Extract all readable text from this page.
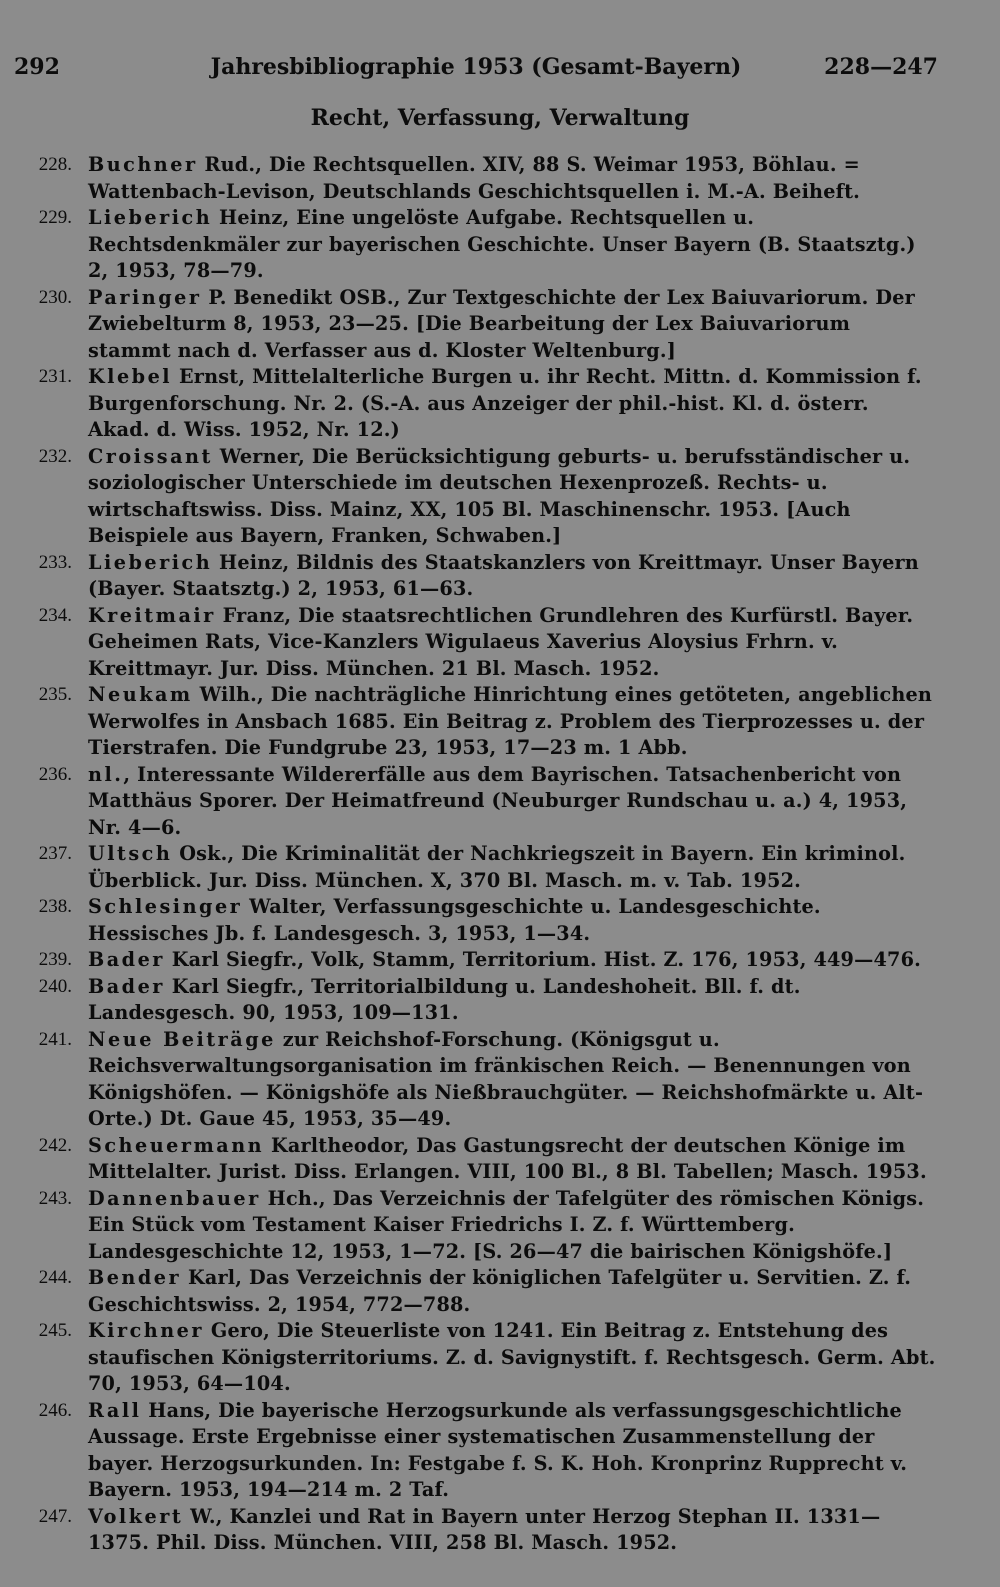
292	Jahresbibliographie 1953 (Gesamt-Bayern)	228—247
Recht, Verfassung, Verwaltung

228. Buchner Rud., Die Rechtsquellen. XIV, 88 S. Weimar 1953, Böhlau. = Wattenbach-Levison, Deutschlands Geschichtsquellen i. M.-A. Beiheft.

229. Lieberich Heinz, Eine ungelöste Aufgabe. Rechtsquellen u. Rechtsdenkmäler zur bayerischen Geschichte. Unser Bayern (B. Staatsztg.) 2, 1953, 78—79.

230. Paringer P. Benedikt OSB., Zur Textgeschichte der Lex Baiuvariorum. Der Zwiebelturm 8, 1953, 23—25. [Die Bearbeitung der Lex Baiuvariorum stammt nach d. Verfasser aus d. Kloster Weltenburg.]

231. Klebel Ernst, Mittelalterliche Burgen u. ihr Recht. Mittn. d. Kommission f. Burgenforschung. Nr. 2. (S.-A. aus Anzeiger der phil.-hist. Kl. d. österr. Akad. d. Wiss. 1952, Nr. 12.)

232. Croissant Werner, Die Berücksichtigung geburts- u. berufsständischer u. soziologischer Unterschiede im deutschen Hexenprozeß. Rechts- u. wirtschaftswiss. Diss. Mainz, XX, 105 Bl. Maschinenschr. 1953. [Auch Beispiele aus Bayern, Franken, Schwaben.]

233. Lieberich Heinz, Bildnis des Staatskanzlers von Kreittmayr. Unser Bayern (Bayer. Staatsztg.) 2, 1953, 61—63.

234. Kreitmair Franz, Die staatsrechtlichen Grundlehren des Kurfürstl. Bayer. Geheimen Rats, Vice-Kanzlers Wigulaeus Xaverius Aloysius Frhrn. v. Kreittmayr. Jur. Diss. München. 21 Bl. Masch. 1952.

235. Neukam Wilh., Die nachträgliche Hinrichtung eines getöteten, angeblichen Werwolfes in Ansbach 1685. Ein Beitrag z. Problem des Tierprozesses u. der Tierstrafen. Die Fundgrube 23, 1953, 17—23 m. 1 Abb.

236. nl., Interessante Wildererfälle aus dem Bayrischen. Tatsachenbericht von Matthäus Sporer. Der Heimatfreund (Neuburger Rundschau u. a.) 4, 1953, Nr. 4—6.

237. Ultsch Osk., Die Kriminalität der Nachkriegszeit in Bayern. Ein kriminol. Überblick. Jur. Diss. München. X, 370 Bl. Masch. m. v. Tab. 1952.

238. Schlesinger Walter, Verfassungsgeschichte u. Landesgeschichte. Hessisches Jb. f. Landesgesch. 3, 1953, 1—34.

239. Bader Karl Siegfr., Volk, Stamm, Territorium. Hist. Z. 176, 1953, 449—476.

240. Bader Karl Siegfr., Territorialbildung u. Landeshoheit. Bll. f. dt. Landesgesch. 90, 1953, 109—131.

241. Neue Beiträge zur Reichshof-Forschung. (Königsgut u. Reichsverwaltungsorganisation im fränkischen Reich. — Benennungen von Königshöfen. — Königshöfe als Nießbrauchgüter. — Reichshofmärkte u. Alt-Orte.) Dt. Gaue 45, 1953, 35—49.

242. Scheuermann Karltheodor, Das Gastungsrecht der deutschen Könige im Mittelalter. Jurist. Diss. Erlangen. VIII, 100 Bl., 8 Bl. Tabellen; Masch. 1953.

243. Dannenbauer Hch., Das Verzeichnis der Tafelgüter des römischen Königs. Ein Stück vom Testament Kaiser Friedrichs I. Z. f. Württemberg. Landesgeschichte 12, 1953, 1—72. [S. 26—47 die bairischen Königshöfe.]

244. Bender Karl, Das Verzeichnis der königlichen Tafelgüter u. Servitien. Z. f. Geschichtswiss. 2, 1954, 772—788.

245. Kirchner Gero, Die Steuerliste von 1241. Ein Beitrag z. Entstehung des staufischen Königsterritoriums. Z. d. Savignystift. f. Rechtsgesch. Germ. Abt. 70, 1953, 64—104.

246. Rall Hans, Die bayerische Herzogsurkunde als verfassungsgeschichtliche Aussage. Erste Ergebnisse einer systematischen Zusammenstellung der bayer. Herzogsurkunden. In: Festgabe f. S. K. Hoh. Kronprinz Rupprecht v. Bayern. 1953, 194—214 m. 2 Taf.

247. Volkert W., Kanzlei und Rat in Bayern unter Herzog Stephan II. 1331—1375. Phil. Diss. München. VIII, 258 Bl. Masch. 1952.
